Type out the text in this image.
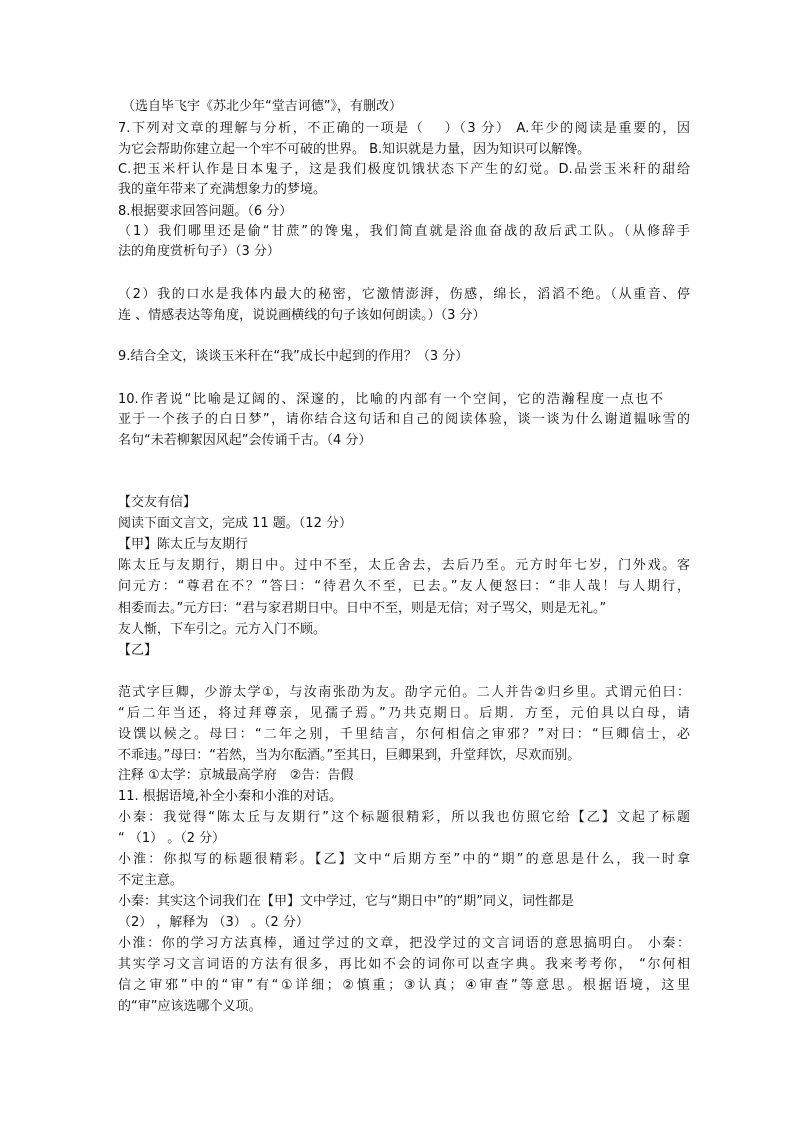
（选自毕飞宇《苏北少年“堂吉诃德”》，有删改）
7.下列对文章的理解与分析，不正确的一项是（　 ）（3 分） A.年少的阅读是重要的，因
为它会帮助你建立起一个牢不可破的世界。 B.知识就是力量，因为知识可以解馋。
C.把玉米杆认作是日本鬼子，这是我们极度饥饿状态下产生的幻觉。D.品尝玉米秆的甜给
我的童年带来了充满想象力的梦境。
8.根据要求回答问题。（6 分）
（1）我们哪里还是偷“甘蔗”的馋鬼，我们简直就是浴血奋战的敌后武工队。（从修辞手
法的角度赏析句子）（3 分）
（2）我的口水是我体内最大的秘密，它激情澎湃，伤感，绵长，滔滔不绝。（从重音、停
连 、情感表达等角度，说说画横线的句子该如何朗读。）（3 分）
9.结合全文，谈谈玉米秆在“我”成长中起到的作用？（3 分）
10.作者说“比喻是辽阔的、深邃的，比喻的内部有一个空间，它的浩瀚程度一点也不
亚于一个孩子的白日梦”，请你结合这句话和自己的阅读体验，谈一谈为什么谢道韫咏雪的
名句“未若柳絮因风起”会传诵千古。（4 分）
【交友有信】
阅读下面文言文，完成 11 题。（12 分）
【甲】陈太丘与友期行
陈太丘与友期行，期日中。过中不至，太丘舍去，去后乃至。元方时年七岁，门外戏。客
问元方：“尊君在不？”答曰：“待君久不至，已去。”友人便怒曰：“非人哉！与人期行，
相委而去。”元方曰：“君与家君期日中。日中不至，则是无信；对子骂父，则是无礼。”
友人惭，下车引之。元方入门不顾。
【乙】
范式字巨卿，少游太学①，与汝南张劭为友。劭字元伯。二人并告②归乡里。式谓元伯曰：
“后二年当还，将过拜尊亲，见孺子焉。”乃共克期日。后期．方至，元伯具以白母，请
设馔以候之。母曰：“二年之别，千里结言，尔何相信之审邪？”对曰：“巨卿信士，必
不乖违。”母曰：“若然，当为尔酝酒。”至其日，巨卿果到，升堂拜饮，尽欢而别。
注释 ①太学：京城最高学府　②告：告假
11. 根据语境,补全小秦和小淮的对话。
小秦：我觉得“陈太丘与友期行”这个标题很精彩，所以我也仿照它给【乙】文起了标题
“ （1） 。（2 分）
小淮：你拟写的标题很精彩。【乙】文中“后期方至”中的“期”的意思是什么，我一时拿
不定主意。
小秦：其实这个词我们在【甲】文中学过，它与“期日中”的“期”同义，词性都是
（2） ，解释为 （3） 。（2 分）
小淮：你的学习方法真棒，通过学过的文章，把没学过的文言词语的意思搞明白。 小秦：
其实学习文言词语的方法有很多，再比如不会的词你可以查字典。我来考考你， “尔何相
信之审邪”中的“审”有“①详细；②慎重；③认真；④审查”等意思。根据语境，这里
的“审”应该选哪个义项。
